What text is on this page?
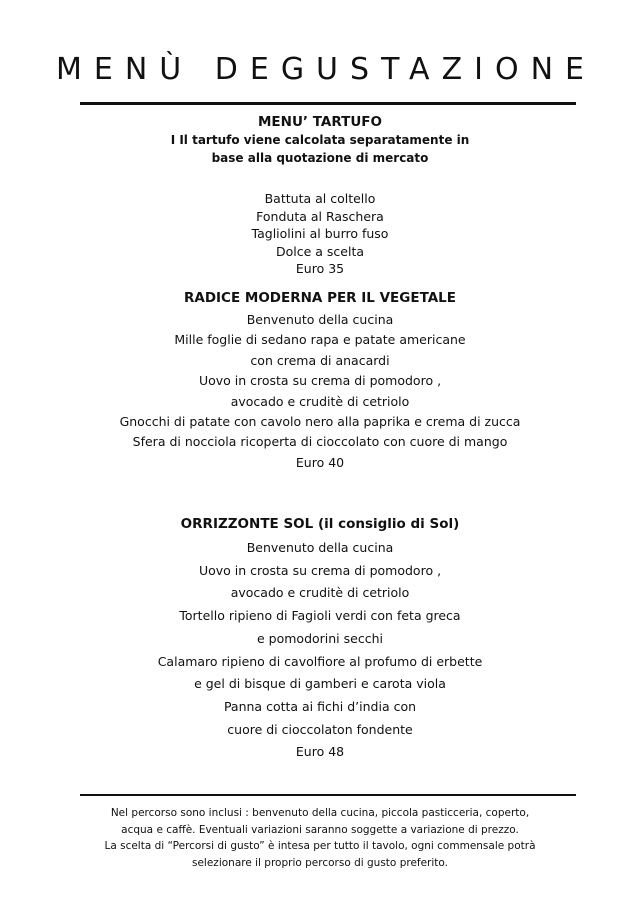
MENÙ DEGUSTAZIONE
MENU’ TARTUFO
I Il tartufo viene calcolata separatamente in
base alla quotazione di mercato
Battuta al coltello
Fonduta al Raschera
Tagliolini al burro fuso
Dolce a scelta
Euro 35
RADICE MODERNA PER IL VEGETALE
Benvenuto della cucina
Mille foglie di sedano rapa e patate americane
con crema di anacardi
Uovo in crosta su crema di pomodoro ,
avocado e cruditè di cetriolo
Gnocchi di patate con cavolo nero alla paprika e crema di zucca
Sfera di nocciola ricoperta di cioccolato con cuore di mango
Euro 40
ORRIZZONTE SOL (il consiglio di Sol)
Benvenuto della cucina
Uovo in crosta su crema di pomodoro ,
avocado e cruditè di cetriolo
Tortello ripieno di Fagioli verdi con feta greca
e pomodorini secchi
Calamaro ripieno di cavolfiore al profumo di erbette
e gel di bisque di gamberi e carota viola
Panna cotta ai fichi d’india con
cuore di cioccolaton fondente
Euro 48
Nel percorso sono inclusi : benvenuto della cucina, piccola pasticceria, coperto,
acqua e caffè. Eventuali variazioni saranno soggette a variazione di prezzo.
La scelta di “Percorsi di gusto” è intesa per tutto il tavolo, ogni commensale potrà
selezionare il proprio percorso di gusto preferito.
